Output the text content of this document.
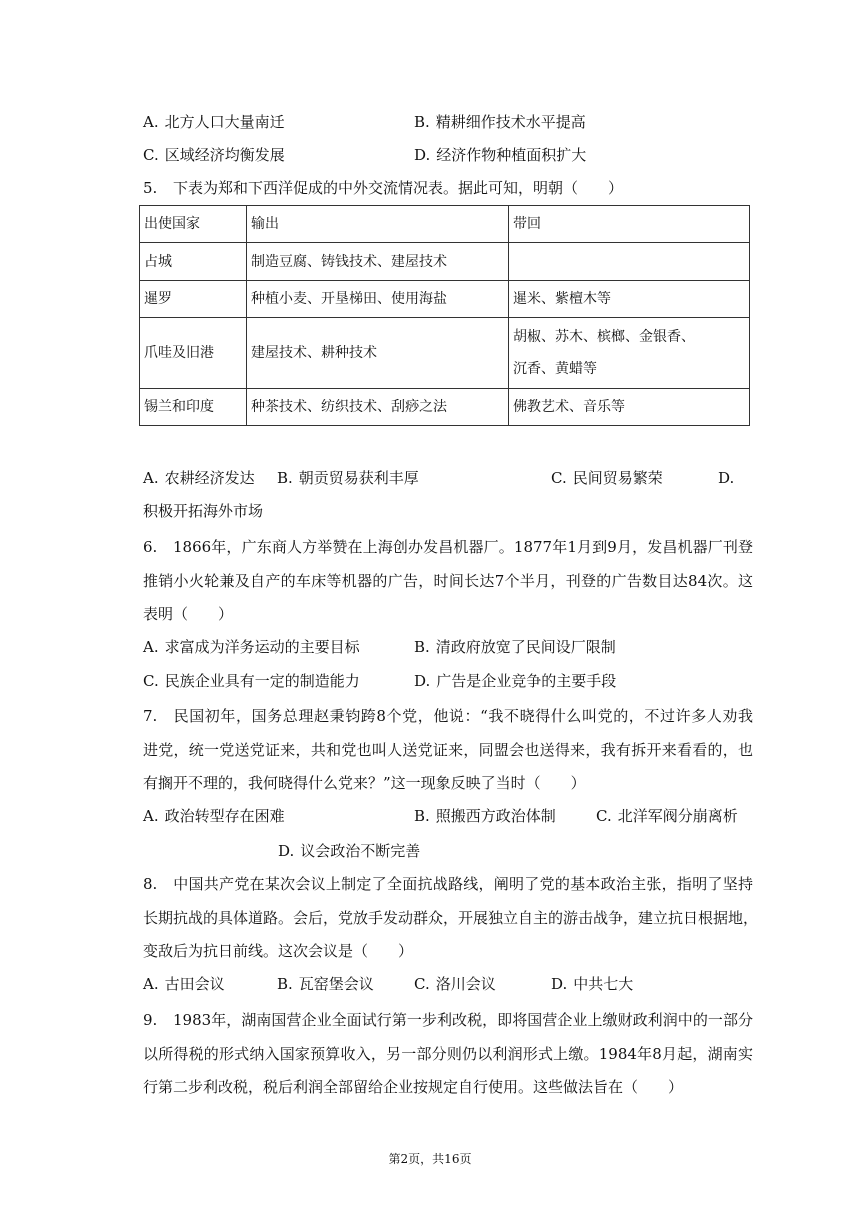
A. 北方人口大量南迁	B. 精耕细作技术水平提高
C. 区域经济均衡发展	D. 经济作物种植面积扩大
5. 下表为郑和下西洋促成的中外交流情况表。据此可知，明朝（　　）
出使国家	输出	带回
占城	制造豆腐、铸钱技术、建屋技术	
暹罗	种植小麦、开垦梯田、使用海盐	暹米、紫檀木等
爪哇及旧港	建屋技术、耕种技术	胡椒、苏木、槟榔、金银香、
沉香、黄蜡等

锡兰和印度	种茶技术、纺织技术、刮痧之法	佛教艺术、音乐等
A. 农耕经济发达 B. 朝贡贸易获利丰厚	C. 民间贸易繁荣	D.
积极开拓海外市场
6. 1866年，广东商人方举赞在上海创办发昌机器厂。1877年1月到9月，发昌机器厂刊登
推销小火轮兼及自产的车床等机器的广告，时间长达7个半月，刊登的广告数目达84次。这
表明（　　）
A. 求富成为洋务运动的主要目标	B. 清政府放宽了民间设厂限制
C. 民族企业具有一定的制造能力	D. 广告是企业竞争的主要手段
7. 民国初年，国务总理赵秉钧跨8个党，他说：“我不晓得什么叫党的，不过许多人劝我
进党，统一党送党证来，共和党也叫人送党证来，同盟会也送得来，我有拆开来看看的，也
有搁开不理的，我何晓得什么党来？”这一现象反映了当时（　　）
A. 政治转型存在困难	B. 照搬西方政治体制	C. 北洋军阀分崩离析
D. 议会政治不断完善
8. 中国共产党在某次会议上制定了全面抗战路线，阐明了党的基本政治主张，指明了坚持
长期抗战的具体道路。会后，党放手发动群众，开展独立自主的游击战争，建立抗日根据地，
变敌后为抗日前线。这次会议是（　　）
A. 古田会议	B. 瓦窑堡会议	C. 洛川会议	D. 中共七大
9. 1983年，湖南国营企业全面试行第一步利改税，即将国营企业上缴财政利润中的一部分
以所得税的形式纳入国家预算收入，另一部分则仍以利润形式上缴。1984年8月起，湖南实
行第二步利改税，税后利润全部留给企业按规定自行使用。这些做法旨在（　　）
第2页，共16页
